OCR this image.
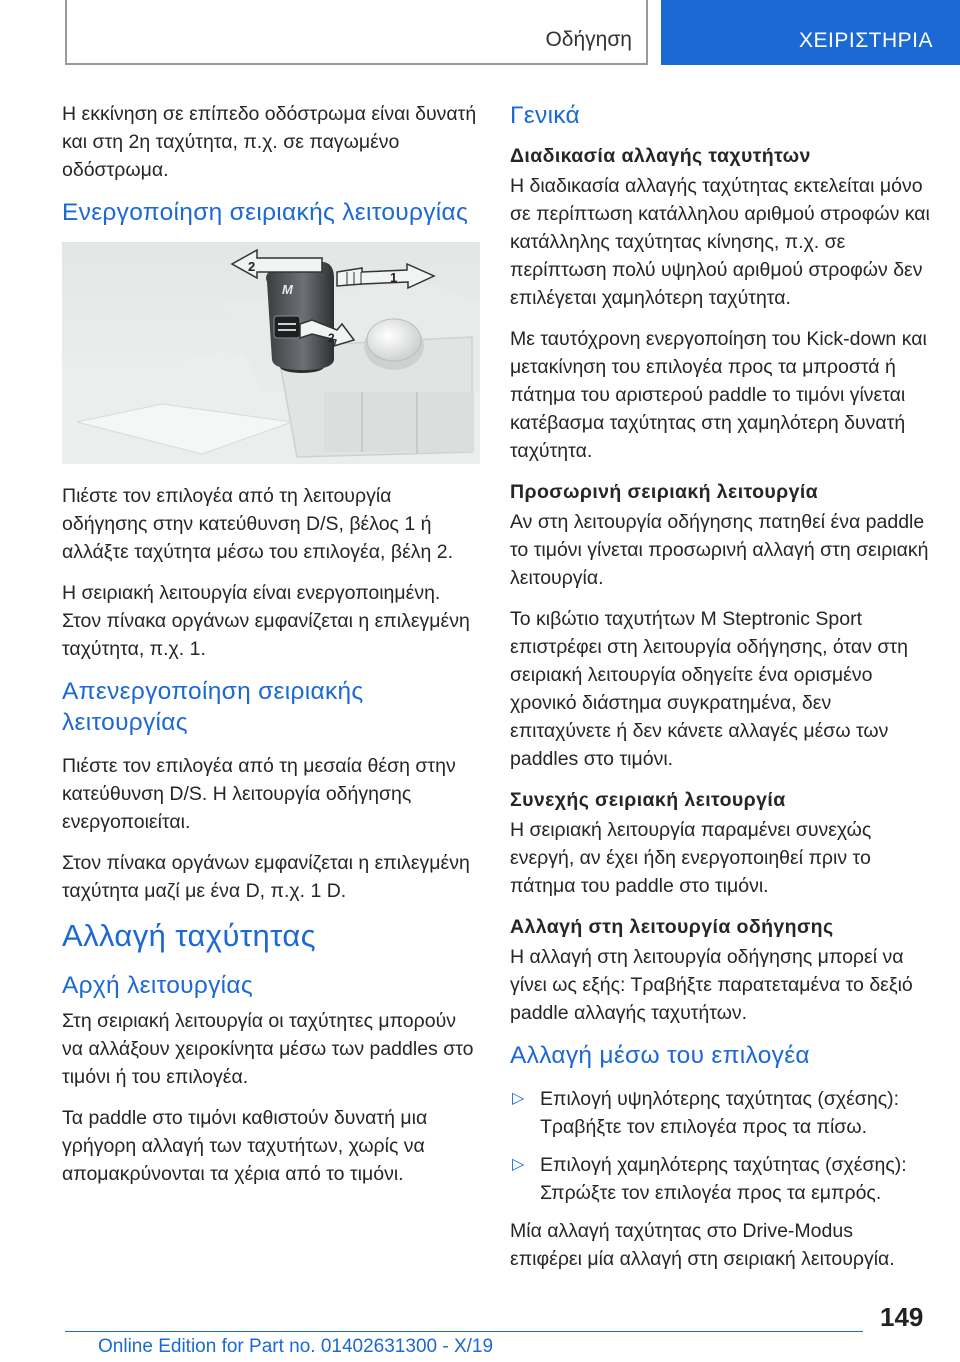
Οδήγηση	ΧΕΙΡΙΣΤΗΡΙΑ

Η εκκίνηση σε επίπεδο οδόστρωμα είναι δυνατή και στη 2η ταχύτητα, π.χ. σε παγωμένο οδόστρωμα.

Ενεργοποίηση σειριακής λειτουργίας
M
2
1
2

Πιέστε τον επιλογέα από τη λειτουργία οδήγησης στην κατεύθυνση D/S, βέλος 1 ή αλλάξτε ταχύτητα μέσω του επιλογέα, βέλη 2.

Η σειριακή λειτουργία είναι ενεργοποιημένη. Στον πίνακα οργάνων εμφανίζεται η επιλεγμένη ταχύτητα, π.χ. 1.

Απενεργοποίηση σειριακής λειτουργίας

Πιέστε τον επιλογέα από τη μεσαία θέση στην κατεύθυνση D/S. Η λειτουργία οδήγησης ενεργοποιείται.

Στον πίνακα οργάνων εμφανίζεται η επιλεγμένη ταχύτητα μαζί με ένα D, π.χ. 1 D.

Αλλαγή ταχύτητας
Αρχή λειτουργίας

Στη σειριακή λειτουργία οι ταχύτητες μπορούν να αλλάξουν χειροκίνητα μέσω των paddles στο τιμόνι ή του επιλογέα.

Τα paddle στο τιμόνι καθιστούν δυνατή μια γρήγορη αλλαγή των ταχυτήτων, χωρίς να απομακρύνονται τα χέρια από το τιμόνι.

Γενικά
Διαδικασία αλλαγής ταχυτήτων

Η διαδικασία αλλαγής ταχύτητας εκτελείται μόνο σε περίπτωση κατάλληλου αριθμού στροφών και κατάλληλης ταχύτητας κίνησης, π.χ. σε περίπτωση πολύ υψηλού αριθμού στροφών δεν επιλέγεται χαμηλότερη ταχύτητα.

Με ταυτόχρονη ενεργοποίηση του Kick-down και μετακίνηση του επιλογέα προς τα μπροστά ή πάτημα του αριστερού paddle το τιμόνι γίνεται κατέβασμα ταχύτητας στη χαμηλότερη δυνατή ταχύτητα.

Προσωρινή σειριακή λειτουργία

Αν στη λειτουργία οδήγησης πατηθεί ένα paddle το τιμόνι γίνεται προσωρινή αλλαγή στη σειριακή λειτουργία.

Το κιβώτιο ταχυτήτων M Steptronic Sport επιστρέφει στη λειτουργία οδήγησης, όταν στη σειριακή λειτουργία οδηγείτε ένα ορισμένο χρονικό διάστημα συγκρατημένα, δεν επιταχύνετε ή δεν κάνετε αλλαγές μέσω των paddles στο τιμόνι.

Συνεχής σειριακή λειτουργία

Η σειριακή λειτουργία παραμένει συνεχώς ενεργή, αν έχει ήδη ενεργοποιηθεί πριν το πάτημα του paddle στο τιμόνι.

Αλλαγή στη λειτουργία οδήγησης

Η αλλαγή στη λειτουργία οδήγησης μπορεί να γίνει ως εξής: Τραβήξτε παρατεταμένα το δεξιό paddle αλλαγής ταχυτήτων.

Αλλαγή μέσω του επιλογέα
▷ Επιλογή υψηλότερης ταχύτητας (σχέσης): Τραβήξτε τον επιλογέα προς τα πίσω.
▷ Επιλογή χαμηλότερης ταχύτητας (σχέσης): Σπρώξτε τον επιλογέα προς τα εμπρός.

Μία αλλαγή ταχύτητας στο Drive-Modus επιφέρει μία αλλαγή στη σειριακή λειτουργία.

149
Online Edition for Part no. 01402631300 - X/19
